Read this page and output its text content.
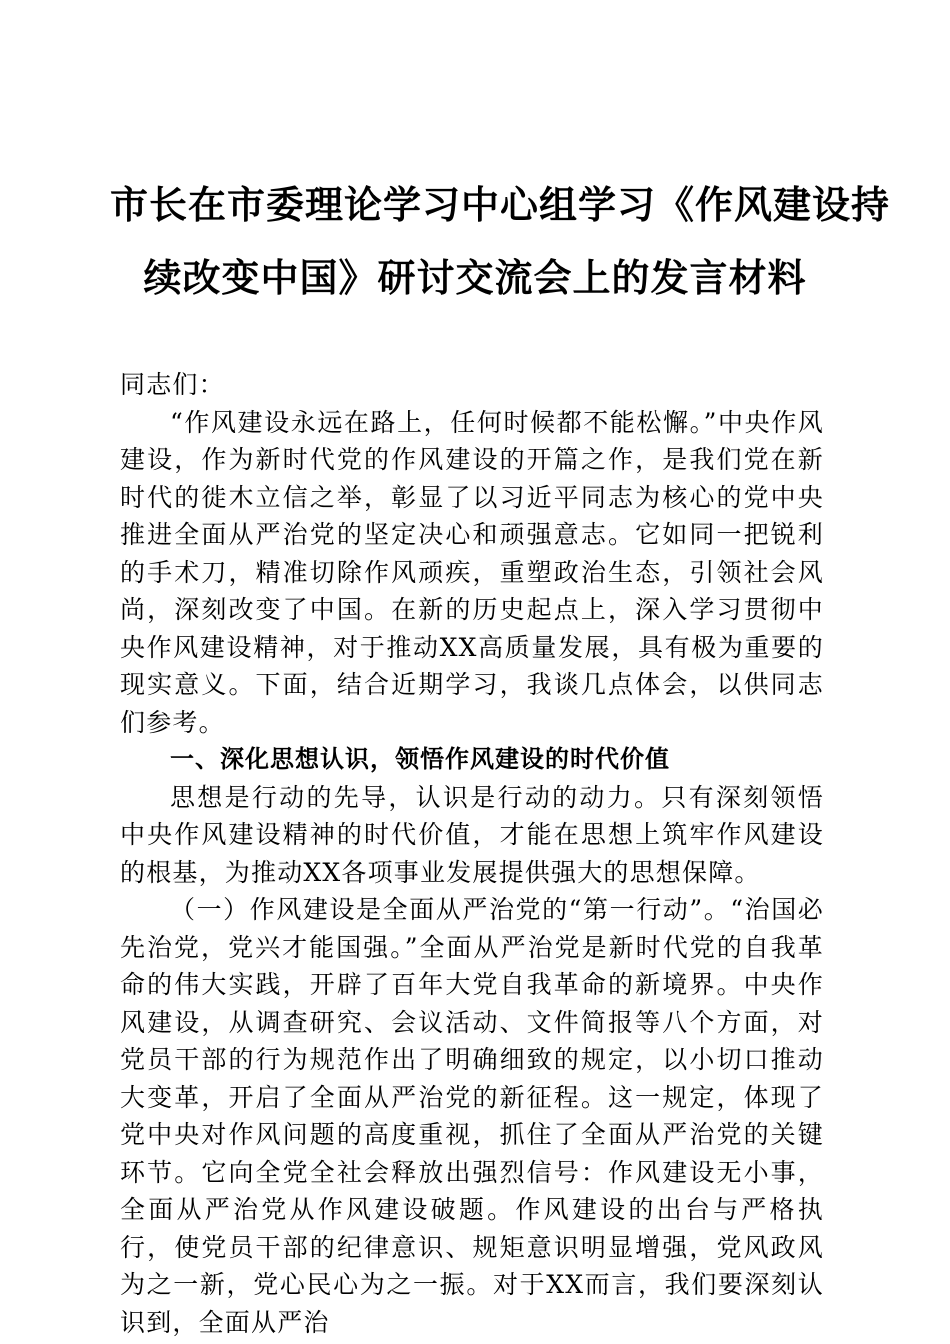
市长在市委理论学习中心组学习《作风建设持
续改变中国》研讨交流会上的发言材料

同志们：

“作风建设永远在路上，任何时候都不能松懈。”中央作风建设，作为新时代党的作风建设的开篇之作，是我们党在新时代的徙木立信之举，彰显了以习近平同志为核心的党中央推进全面从严治党的坚定决心和顽强意志。它如同一把锐利的手术刀，精准切除作风顽疾，重塑政治生态，引领社会风尚，深刻改变了中国。在新的历史起点上，深入学习贯彻中央作风建设精神，对于推动XX高质量发展，具有极为重要的现实意义。下面，结合近期学习，我谈几点体会，以供同志们参考。

一、深化思想认识，领悟作风建设的时代价值

思想是行动的先导，认识是行动的动力。只有深刻领悟中央作风建设精神的时代价值，才能在思想上筑牢作风建设的根基，为推动XX各项事业发展提供强大的思想保障。

（一）作风建设是全面从严治党的“第一行动”。“治国必先治党，党兴才能国强。”全面从严治党是新时代党的自我革命的伟大实践，开辟了百年大党自我革命的新境界。中央作风建设，从调查研究、会议活动、文件简报等八个方面，对党员干部的行为规范作出了明确细致的规定，以小切口推动大变革，开启了全面从严治党的新征程。这一规定，体现了党中央对作风问题的高度重视，抓住了全面从严治党的关键环节。它向全党全社会释放出强烈信号：作风建设无小事，全面从严治党从作风建设破题。作风建设的出台与严格执行，使党员干部的纪律意识、规矩意识明显增强，党风政风为之一新，党心民心为之一振。对于XX而言，我们要深刻认识到，全面从严治
